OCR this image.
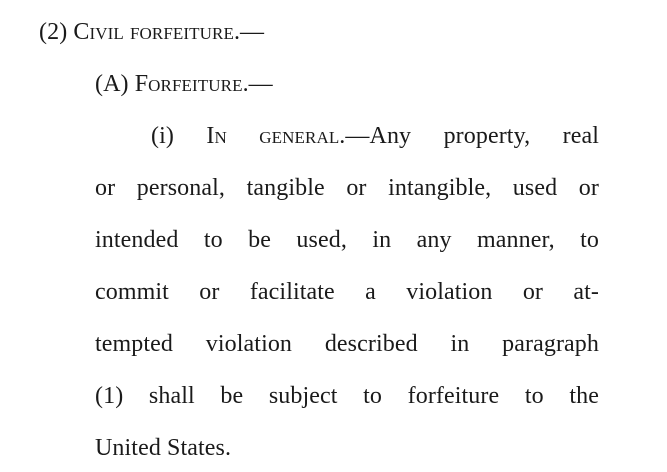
(2) Civil forfeiture.—
(A) Forfeiture.—
(i) In general.—Any property, real
or personal, tangible or intangible, used or
intended to be used, in any manner, to
commit or facilitate a violation or at-
tempted violation described in paragraph
(1) shall be subject to forfeiture to the
United States.
